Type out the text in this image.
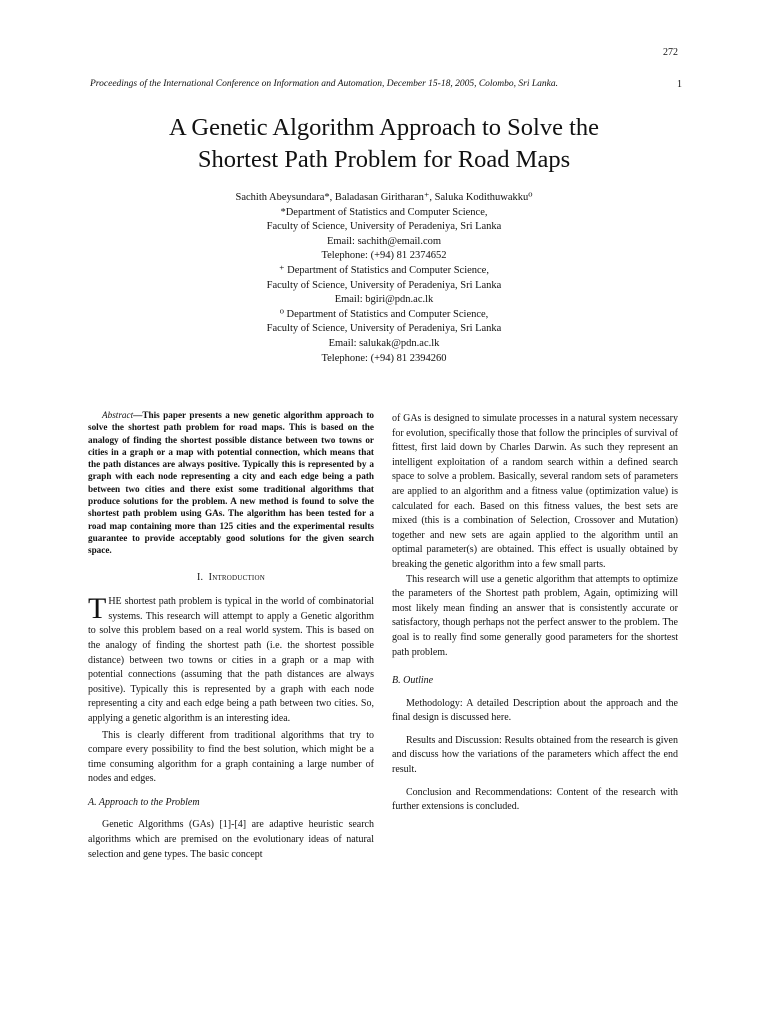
272
Proceedings of the International Conference on Information and Automation, December 15-18, 2005, Colombo, Sri Lanka.	1
A Genetic Algorithm Approach to Solve the
Shortest Path Problem for Road Maps
Sachith Abeysundara*, Baladasan Giritharan⁺, Saluka Kodithuwakku⁰
*Department of Statistics and Computer Science,
Faculty of Science, University of Peradeniya, Sri Lanka
Email: sachith@email.com
Telephone: (+94) 81 2374652
⁺ Department of Statistics and Computer Science,
Faculty of Science, University of Peradeniya, Sri Lanka
Email: bgiri@pdn.ac.lk
⁰ Department of Statistics and Computer Science,
Faculty of Science, University of Peradeniya, Sri Lanka
Email: salukak@pdn.ac.lk
Telephone: (+94) 81 2394260

Abstract—This paper presents a new genetic algorithm approach to solve the shortest path problem for road maps. This is based on the analogy of finding the shortest possible distance between two towns or cities in a graph or a map with potential connection, which means that the path distances are always positive. Typically this is represented by a graph with each node representing a city and each edge being a path between two cities and there exist some traditional algorithms that produce solutions for the problem. A new method is found to solve the shortest path problem using GAs. The algorithm has been tested for a road map containing more than 125 cities and the experimental results guarantee to provide acceptably good solutions for the given search space.

I. Introduction

THE shortest path problem is typical in the world of combinatorial systems. This research will attempt to apply a Genetic algorithm to solve this problem based on a real world system. This is based on the analogy of finding the shortest path (i.e. the shortest possible distance) between two towns or cities in a graph or a map with potential connections (assuming that the path distances are always positive). Typically this is represented by a graph with each node representing a city and each edge being a path between two cities. So, applying a genetic algorithm is an interesting idea.

This is clearly different from traditional algorithms that try to compare every possibility to find the best solution, which might be a time consuming algorithm for a graph containing a large number of nodes and edges.

A. Approach to the Problem

Genetic Algorithms (GAs) [1]-[4] are adaptive heuristic search algorithms which are premised on the evolutionary ideas of natural selection and gene types. The basic concept

of GAs is designed to simulate processes in a natural system necessary for evolution, specifically those that follow the principles of survival of fittest, first laid down by Charles Darwin. As such they represent an intelligent exploitation of a random search within a defined search space to solve a problem. Basically, several random sets of parameters are applied to an algorithm and a fitness value (optimization value) is calculated for each. Based on this fitness values, the best sets are mixed (this is a combination of Selection, Crossover and Mutation) together and new sets are again applied to the algorithm until an optimal parameter(s) are obtained. This effect is usually obtained by breaking the genetic algorithm into a few small parts.

This research will use a genetic algorithm that attempts to optimize the parameters of the Shortest path problem, Again, optimizing will most likely mean finding an answer that is consistently accurate or satisfactory, though perhaps not the perfect answer to the problem. The goal is to really find some generally good parameters for the shortest path problem.

B. Outline

Methodology: A detailed Description about the approach and the final design is discussed here.

Results and Discussion: Results obtained from the research is given and discuss how the variations of the parameters which affect the end result.

Conclusion and Recommendations: Content of the research with further extensions is concluded.
